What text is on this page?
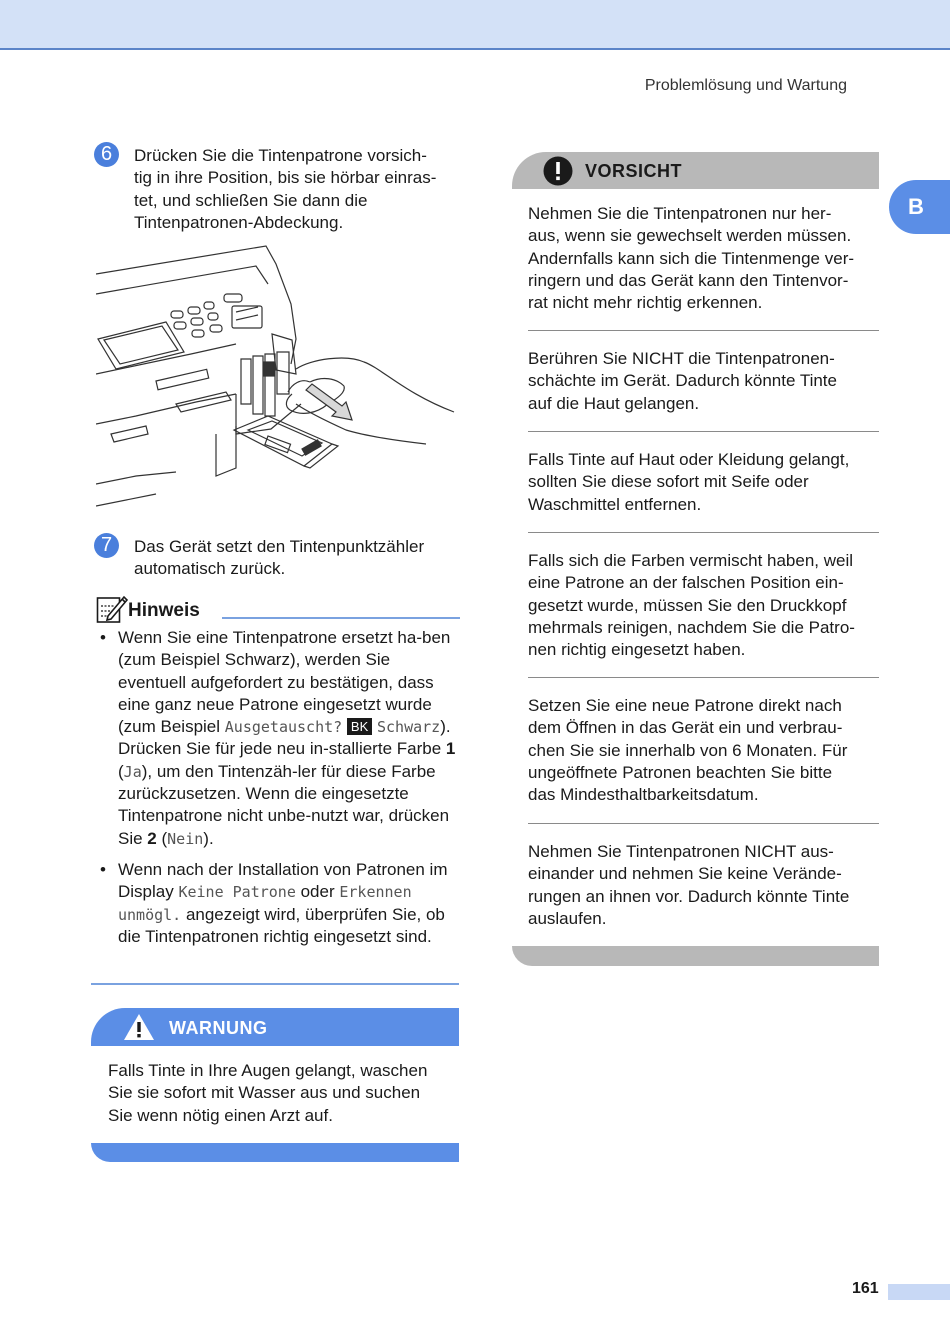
Problemlösung und Wartung
B
6	Drücken Sie die Tintenpatrone vorsich-
tig in ihre Position, bis sie hörbar einras-
tet, und schließen Sie dann die
Tintenpatronen-Abdeckung.
7	Das Gerät setzt den Tintenpunktzähler
automatisch zurück.
Hinweis
• Wenn Sie eine Tintenpatrone ersetzt ha-ben (zum Beispiel Schwarz), werden Sie eventuell aufgefordert zu bestätigen, dass eine ganz neue Patrone eingesetzt wurde (zum Beispiel Ausgetauscht? BK Schwarz). Drücken Sie für jede neu in-stallierte Farbe 1 (Ja), um den Tintenzäh-ler für diese Farbe zurückzusetzen. Wenn die eingesetzte Tintenpatrone nicht unbe-nutzt war, drücken Sie 2 (Nein).
• Wenn nach der Installation von Patronen im Display Keine Patrone oder Erkennen unmögl. angezeigt wird, überprüfen Sie, ob die Tintenpatronen richtig eingesetzt sind.
WARNUNG
Falls Tinte in Ihre Augen gelangt, waschen
Sie sie sofort mit Wasser aus und suchen
Sie wenn nötig einen Arzt auf.
VORSICHT
Nehmen Sie die Tintenpatronen nur her-
aus, wenn sie gewechselt werden müssen.
Andernfalls kann sich die Tintenmenge ver-
ringern und das Gerät kann den Tintenvor-
rat nicht mehr richtig erkennen.
Berühren Sie NICHT die Tintenpatronen-
schächte im Gerät. Dadurch könnte Tinte
auf die Haut gelangen.
Falls Tinte auf Haut oder Kleidung gelangt,
sollten Sie diese sofort mit Seife oder
Waschmittel entfernen.
Falls sich die Farben vermischt haben, weil
eine Patrone an der falschen Position ein-
gesetzt wurde, müssen Sie den Druckkopf
mehrmals reinigen, nachdem Sie die Patro-
nen richtig eingesetzt haben.
Setzen Sie eine neue Patrone direkt nach
dem Öffnen in das Gerät ein und verbrau-
chen Sie sie innerhalb von 6 Monaten. Für
ungeöffnete Patronen beachten Sie bitte
das Mindesthaltbarkeitsdatum.
Nehmen Sie Tintenpatronen NICHT aus-
einander und nehmen Sie keine Verände-
rungen an ihnen vor. Dadurch könnte Tinte
auslaufen.
161
